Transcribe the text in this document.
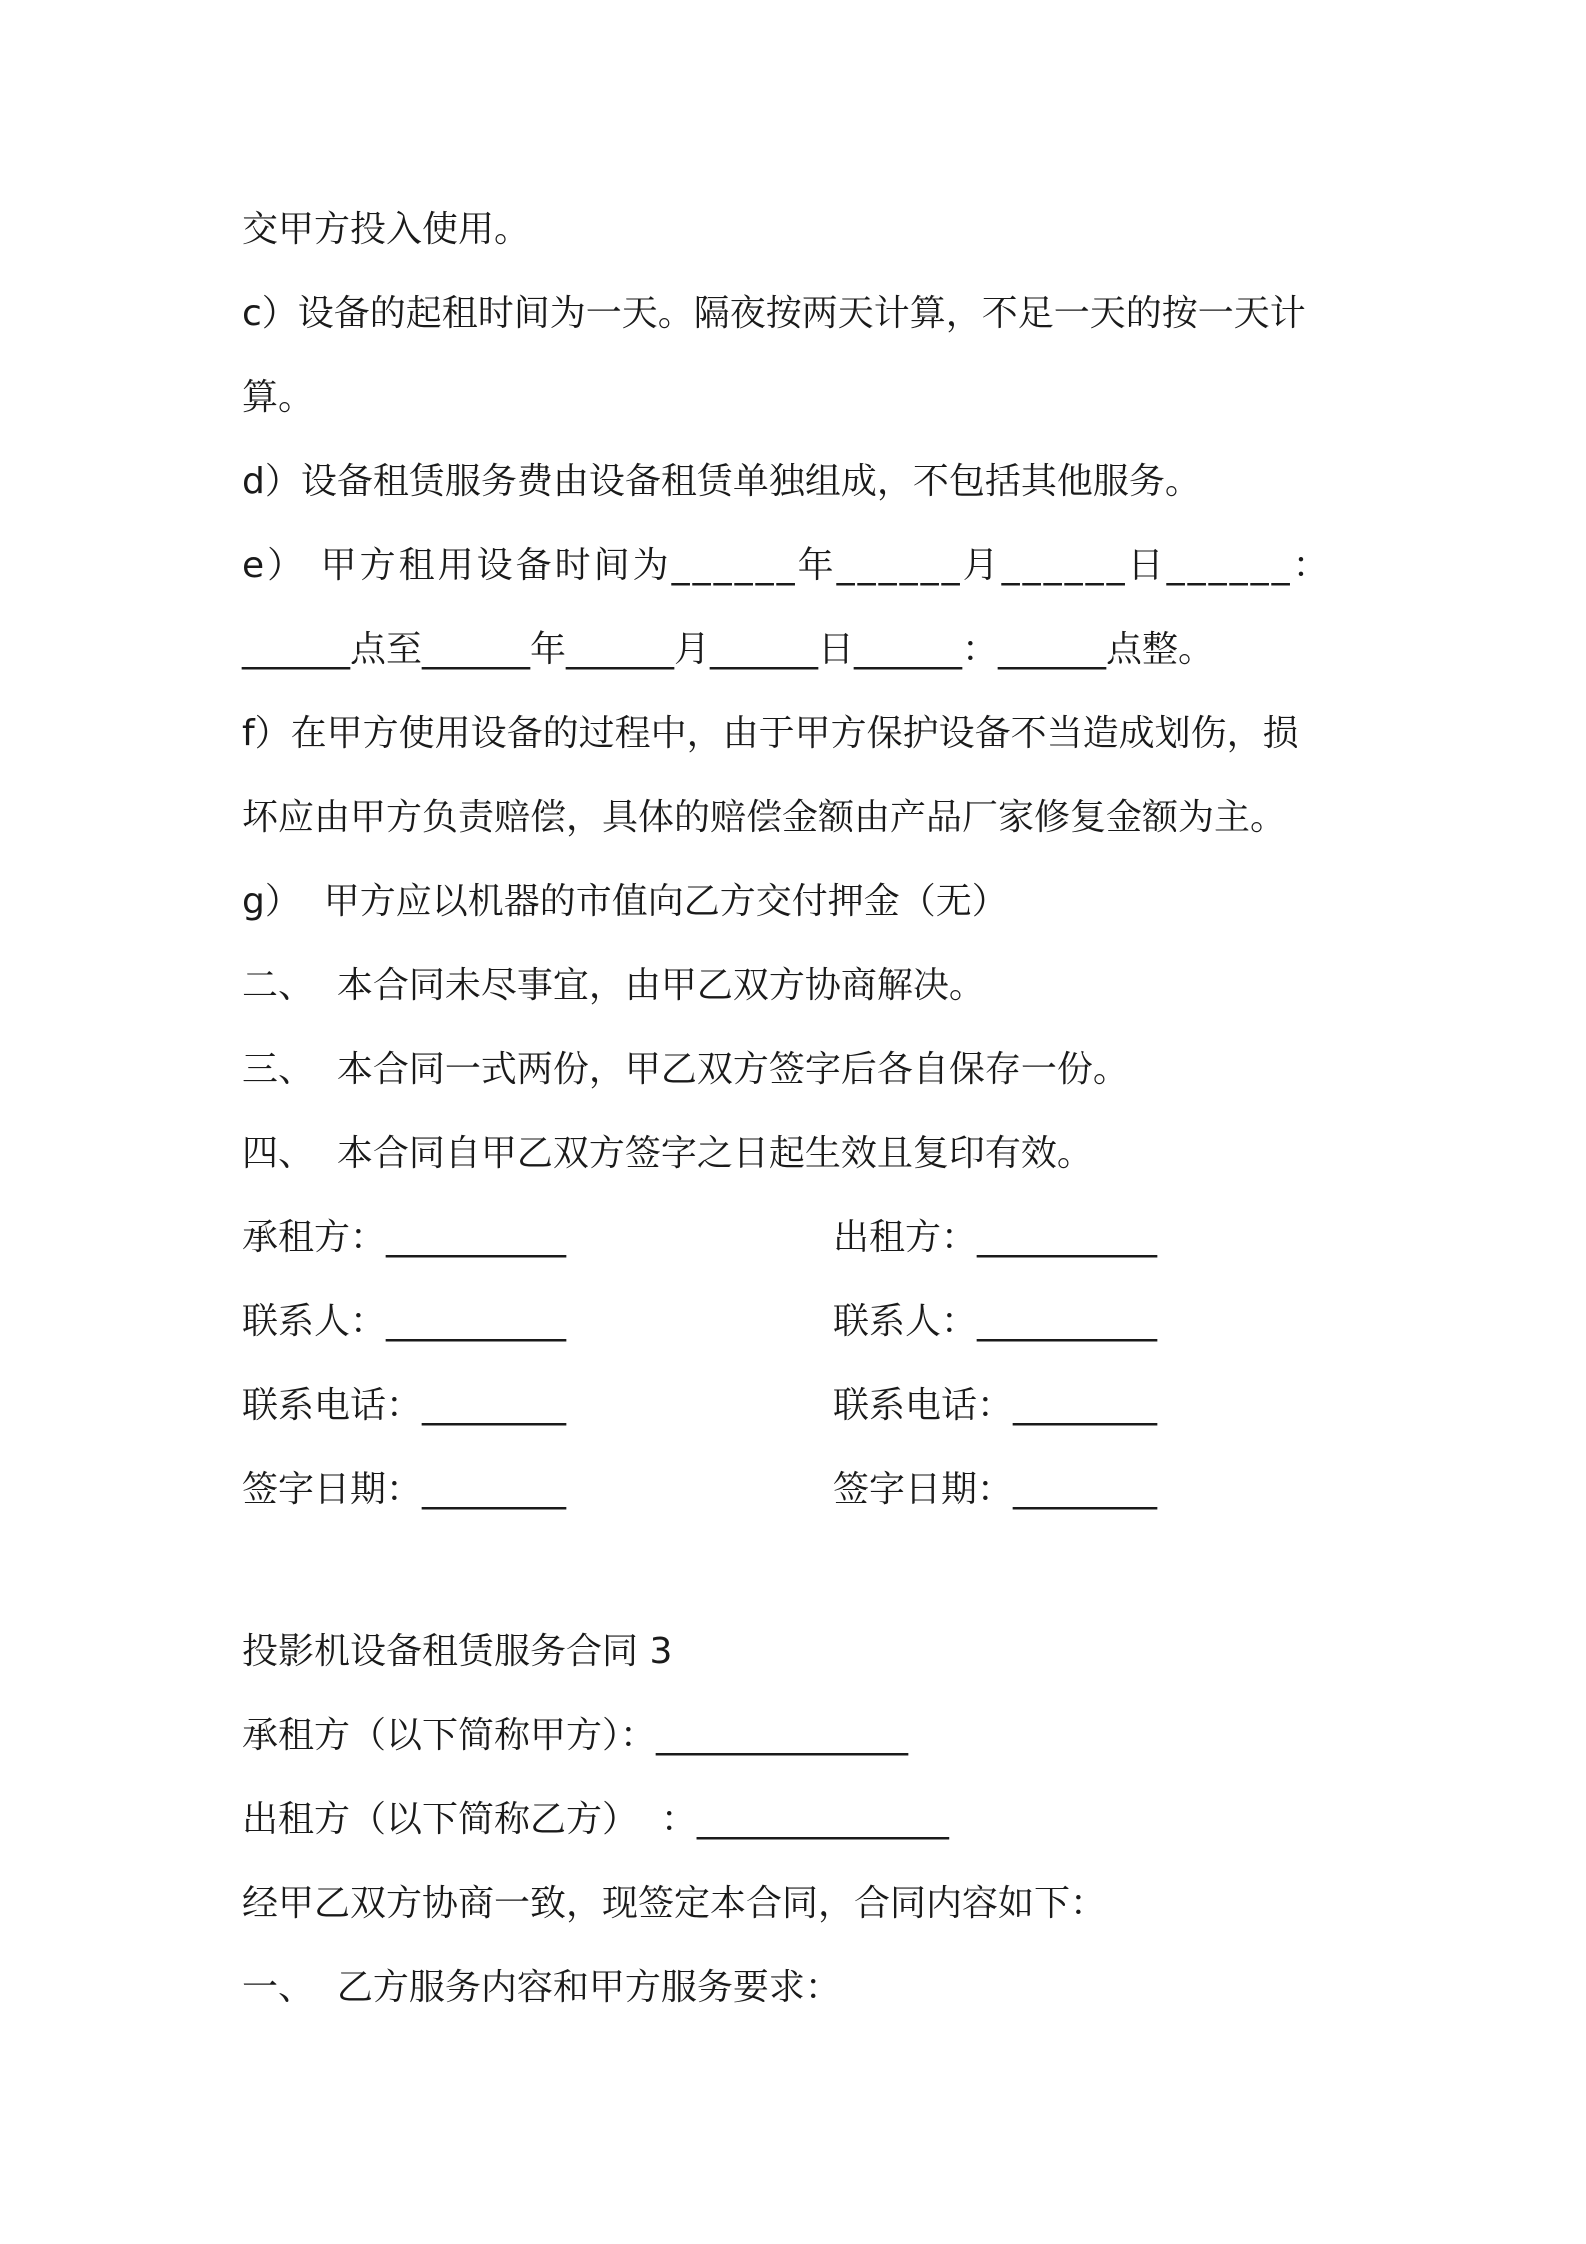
交甲方投入使用。

c）设备的起租时间为一天。隔夜按两天计算，不足一天的按一天计

算。

d）设备租赁服务费由设备租赁单独组成，不包括其他服务。

e） 甲方租用设备时间为______年______月______日______：

______点至______年______月______日______：______点整。

f）在甲方使用设备的过程中，由于甲方保护设备不当造成划伤，损

坏应由甲方负责赔偿，具体的赔偿金额由产品厂家修复金额为主。

g）  甲方应以机器的市值向乙方交付押金（无）

二、  本合同未尽事宜，由甲乙双方协商解决。

三、  本合同一式两份，甲乙双方签字后各自保存一份。

四、  本合同自甲乙双方签字之日起生效且复印有效。

承租方：__________	出租方：__________

联系人：__________	联系人：__________

联系电话：________	联系电话：________

签字日期：________	签字日期：________

投影机设备租赁服务合同 3

承租方（以下简称甲方）：______________

出租方（以下简称乙方）  ：______________

经甲乙双方协商一致，现签定本合同，合同内容如下：

一、  乙方服务内容和甲方服务要求：
